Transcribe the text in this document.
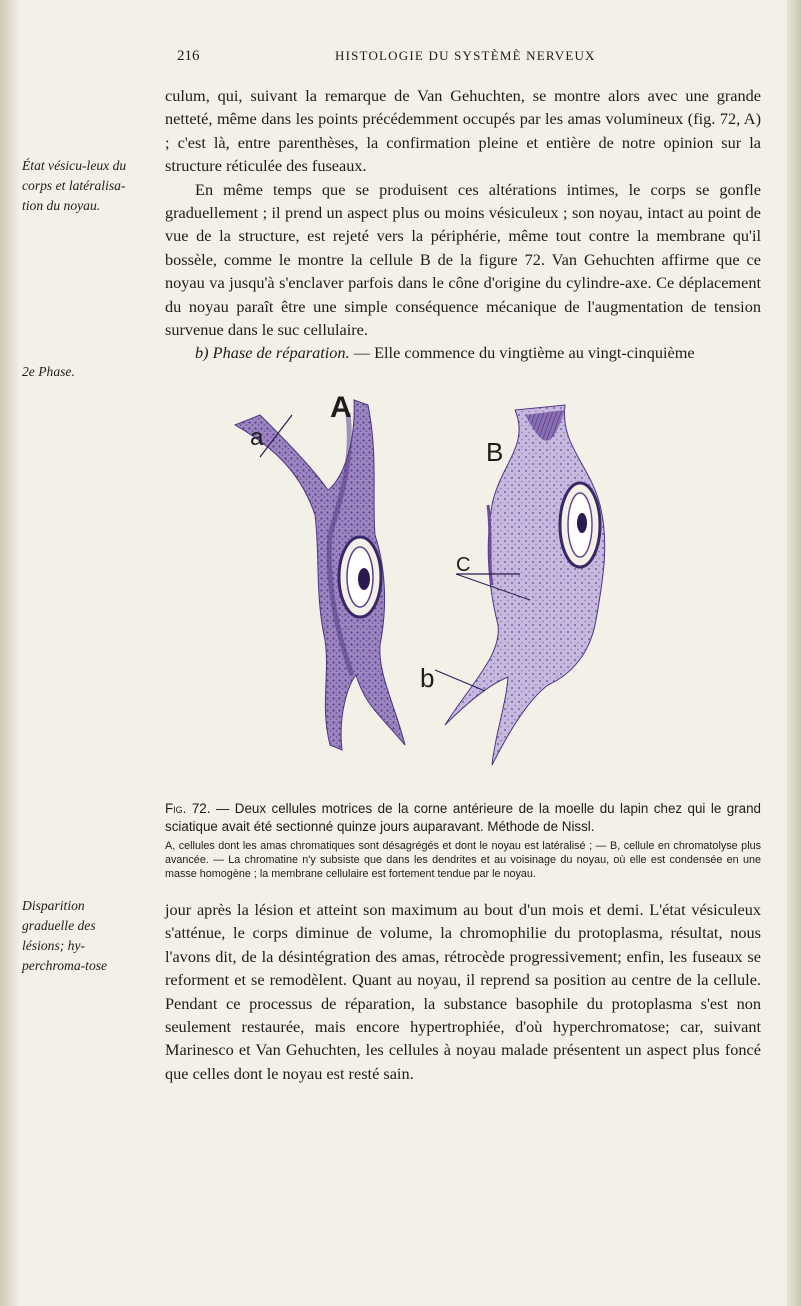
216	HISTOLOGIE DU SYSTÈMÈ NERVEUX

culum, qui, suivant la remarque de Van Gehuchten, se montre alors avec une grande netteté, même dans les points précédemment occupés par les amas volumineux (fig. 72, A) ; c'est là, entre parenthèses, la confirmation pleine et entière de notre opinion sur la structure réticulée des fuseaux.

En même temps que se produisent ces altérations intimes, le corps se gonfle graduellement ; il prend un aspect plus ou moins vésiculeux ; son noyau, intact au point de vue de la structure, est rejeté vers la périphérie, même tout contre la membrane qu'il bossèle, comme le montre la cellule B de la figure 72. Van Gehuchten affirme que ce noyau va jusqu'à s'enclaver parfois dans le cône d'origine du cylindre-axe. Ce déplacement du noyau paraît être une simple conséquence mécanique de l'augmentation de tension survenue dans le suc cellulaire.

b) Phase de réparation. — Elle commence du vingtième au vingt-cinquième

État vésicu-leux du corps et latéralisa-tion du noyau.
2e Phase.
Disparition graduelle des lésions; hy-perchroma-tose
A
a	B
C
b

Fig. 72. — Deux cellules motrices de la corne antérieure de la moelle du lapin chez qui le grand sciatique avait été sectionné quinze jours auparavant. Méthode de Nissl.

A, cellules dont les amas chromatiques sont désagrégés et dont le noyau est latéralisé ; — B, cellule en chromatolyse plus avancée. — La chromatine n'y subsiste que dans les dendrites et au voisinage du noyau, où elle est condensée en une masse homogène ; la membrane cellulaire est fortement tendue par le noyau.

jour après la lésion et atteint son maximum au bout d'un mois et demi. L'état vésiculeux s'atténue, le corps diminue de volume, la chromophilie du protoplasma, résultat, nous l'avons dit, de la désintégration des amas, rétrocède progressivement; enfin, les fuseaux se reforment et se remodèlent. Quant au noyau, il reprend sa position au centre de la cellule. Pendant ce processus de réparation, la substance basophile du protoplasma s'est non seulement restaurée, mais encore hypertrophiée, d'où hyperchromatose; car, suivant Marinesco et Van Gehuchten, les cellules à noyau malade présentent un aspect plus foncé que celles dont le noyau est resté sain.
